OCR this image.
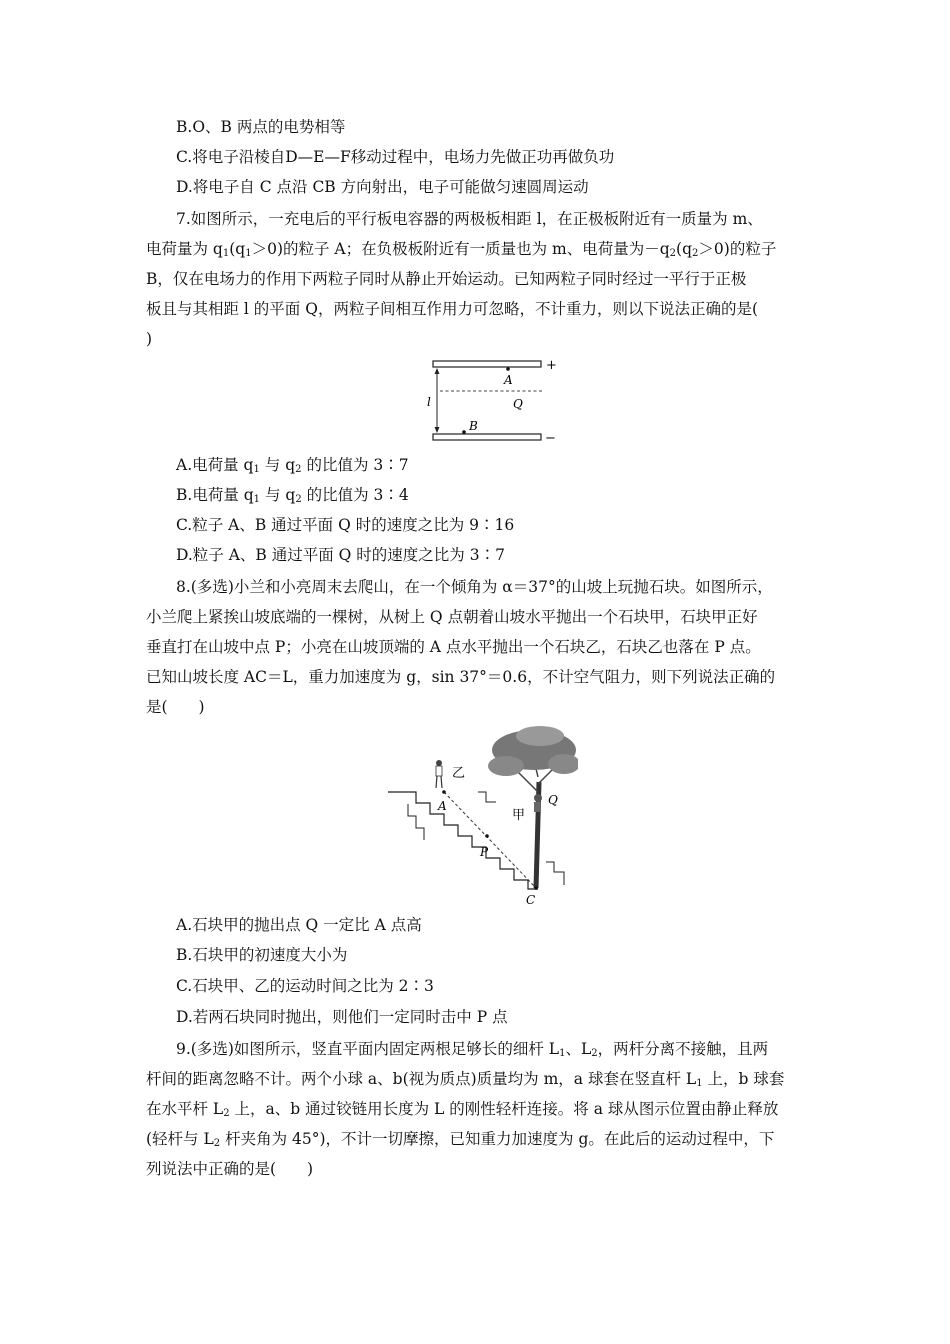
B.O、B 两点的电势相等
C.将电子沿棱自D—E—F移动过程中，电场力先做正功再做负功
D.将电子自 C 点沿 CB 方向射出，电子可能做匀速圆周运动
7.如图所示，一充电后的平行板电容器的两极板相距 l，在正极板附近有一质量为 m、
电荷量为 $q_1(q_1>0)$的粒子 A；在负极板附近有一质量也为 m、电荷量为$-q_2(q_2>0)$的粒子
B，仅在电场力的作用下两粒子同时从静止开始运动。已知两粒子同时经过一平行于正极
板且与其相距 l 的平面 Q，两粒子间相互作用力可忽略，不计重力，则以下说法正确的是(
)
+
−
A
Q
l
B
A.电荷量 $q_1$ 与 $q_2$ 的比值为 3∶7
B.电荷量 $q_1$ 与 $q_2$ 的比值为 3∶4
C.粒子 A、B 通过平面 Q 时的速度之比为 9∶16
D.粒子 A、B 通过平面 Q 时的速度之比为 3∶7
8.(多选)小兰和小亮周末去爬山，在一个倾角为 α＝37°的山坡上玩抛石块。如图所示，
小兰爬上紧挨山坡底端的一棵树，从树上 Q 点朝着山坡水平抛出一个石块甲，石块甲正好
垂直打在山坡中点 P；小亮在山坡顶端的 A 点水平抛出一个石块乙，石块乙也落在 P 点。
已知山坡长度 AC＝L，重力加速度为 g，sin 37°＝0.6，不计空气阻力，则下列说法正确的
是(　　)
乙
甲
A
P
Q
C
A.石块甲的抛出点 Q 一定比 A 点高
B.石块甲的初速度大小为
C.石块甲、乙的运动时间之比为 2∶3
D.若两石块同时抛出，则他们一定同时击中 P 点
9.(多选)如图所示，竖直平面内固定两根足够长的细杆 $L_1$、$L_2$，两杆分离不接触，且两
杆间的距离忽略不计。两个小球 a、b(视为质点)质量均为 m，a 球套在竖直杆 $L_1$ 上，b 球套
在水平杆 $L_2$ 上，a、b 通过铰链用长度为 L 的刚性轻杆连接。将 a 球从图示位置由静止释放
(轻杆与 $L_2$ 杆夹角为 45°)，不计一切摩擦，已知重力加速度为 g。在此后的运动过程中，下
列说法中正确的是(　　)
